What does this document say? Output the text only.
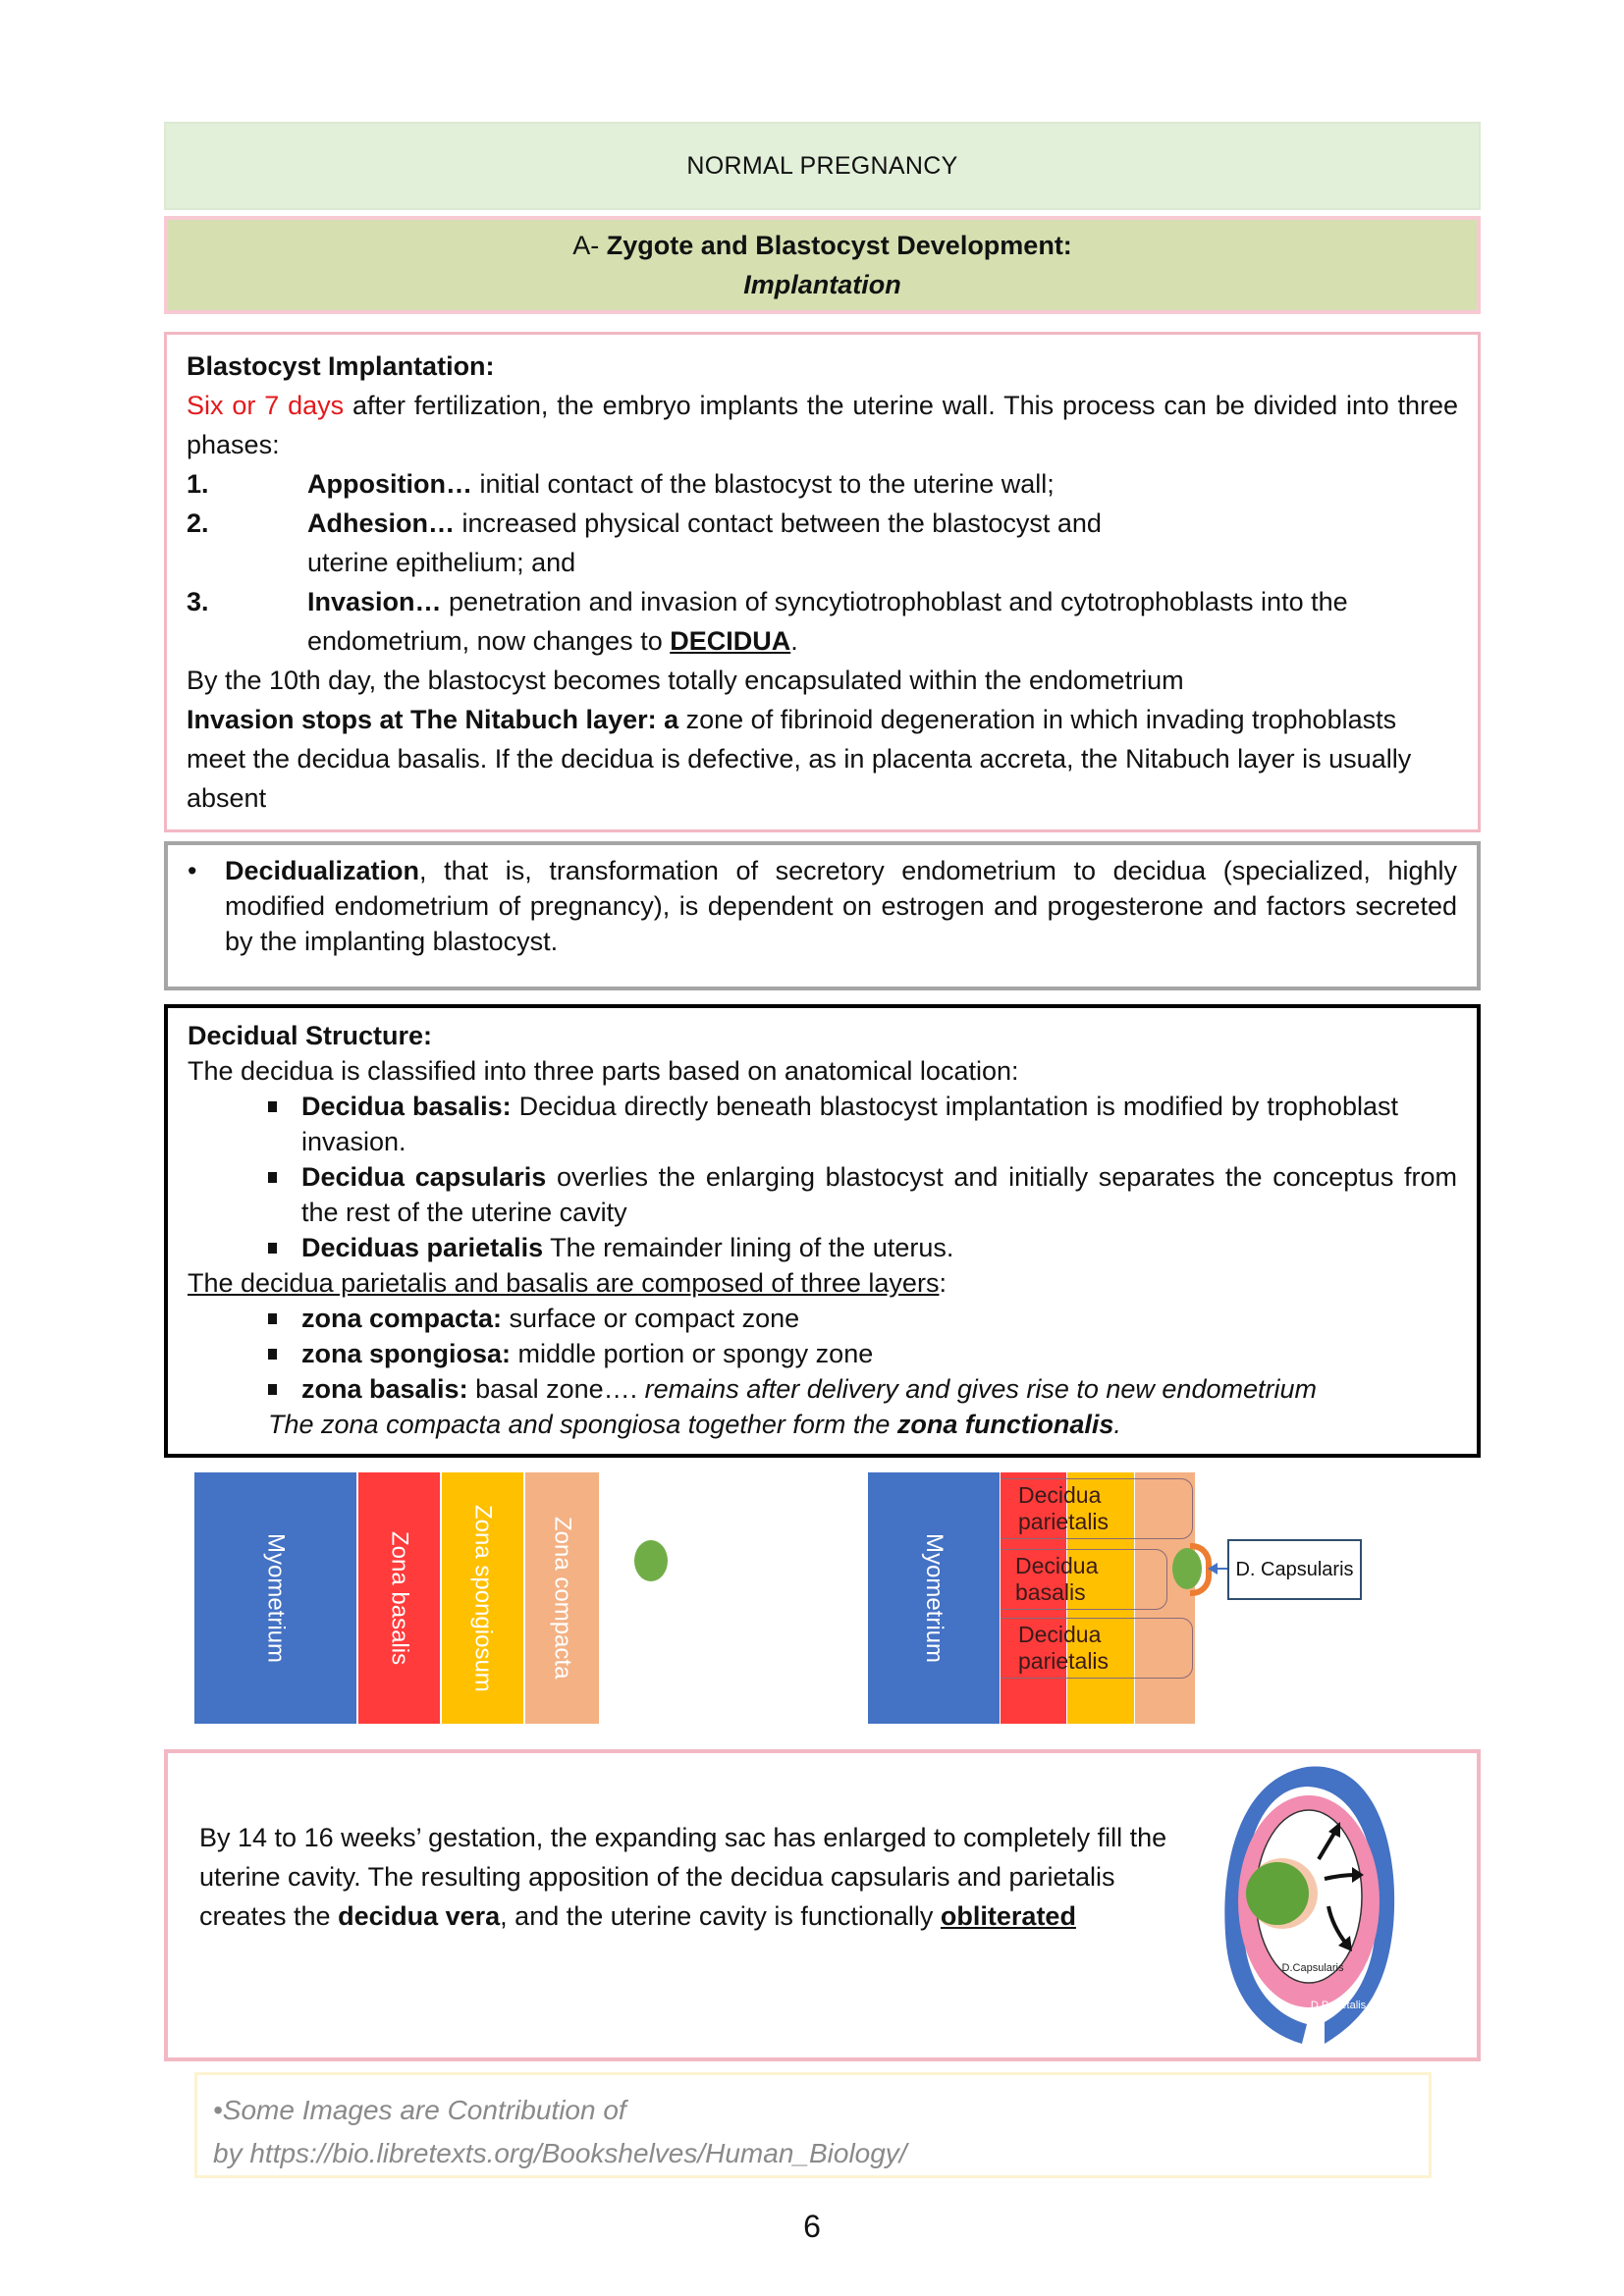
NORMAL PREGNANCY
A- Zygote and Blastocyst Development:
Implantation
Blastocyst Implantation:
Six or 7 days after fertilization, the embryo implants the uterine wall. This process can be divided into three phases:
1.	Apposition… initial contact of the blastocyst to the uterine wall;
2.	Adhesion… increased physical contact between the blastocyst and uterine epithelium; and
3.	Invasion… penetration and invasion of syncytiotrophoblast and cytotrophoblasts into the endometrium, now changes to DECIDUA.
By the 10th day, the blastocyst becomes totally encapsulated within the endometrium
Invasion stops at The Nitabuch layer: a zone of fibrinoid degeneration in which invading trophoblasts meet the decidua basalis. If the decidua is defective, as in placenta accreta, the Nitabuch layer is usually absent
•	Decidualization, that is, transformation of secretory endometrium to decidua (specialized, highly modified endometrium of pregnancy), is dependent on estrogen and progesterone and factors secreted by the implanting blastocyst.
Decidual Structure:
The decidua is classified into three parts based on anatomical location:
Decidua basalis: Decidua directly beneath blastocyst implantation is modified by trophoblast invasion.
Decidua capsularis overlies the enlarging blastocyst and initially separates the conceptus from the rest of the uterine cavity
Deciduas parietalis The remainder lining of the uterus.
The decidua parietalis and basalis are composed of three layers:
zona compacta: surface or compact zone
zona spongiosa: middle portion or spongy zone
zona basalis: basal zone…. remains after delivery and gives rise to new endometrium
The zona compacta and spongiosa together form the zona functionalis.
Myometrium	Zona basalis Zona spongiosum Zona compacta	Myometrium
Decidua parietalis
Decidua basalis
Decidua parietalis
D. Capsularis
By 14 to 16 weeks’ gestation, the expanding sac has enlarged to completely fill the uterine cavity. The resulting apposition of the decidua capsularis and parietalis creates the decidua vera, and the uterine cavity is functionally obliterated
D.Capsularis
D.Parietalis
•Some Images are Contribution of
by https://bio.libretexts.org/Bookshelves/Human_Biology/
6
